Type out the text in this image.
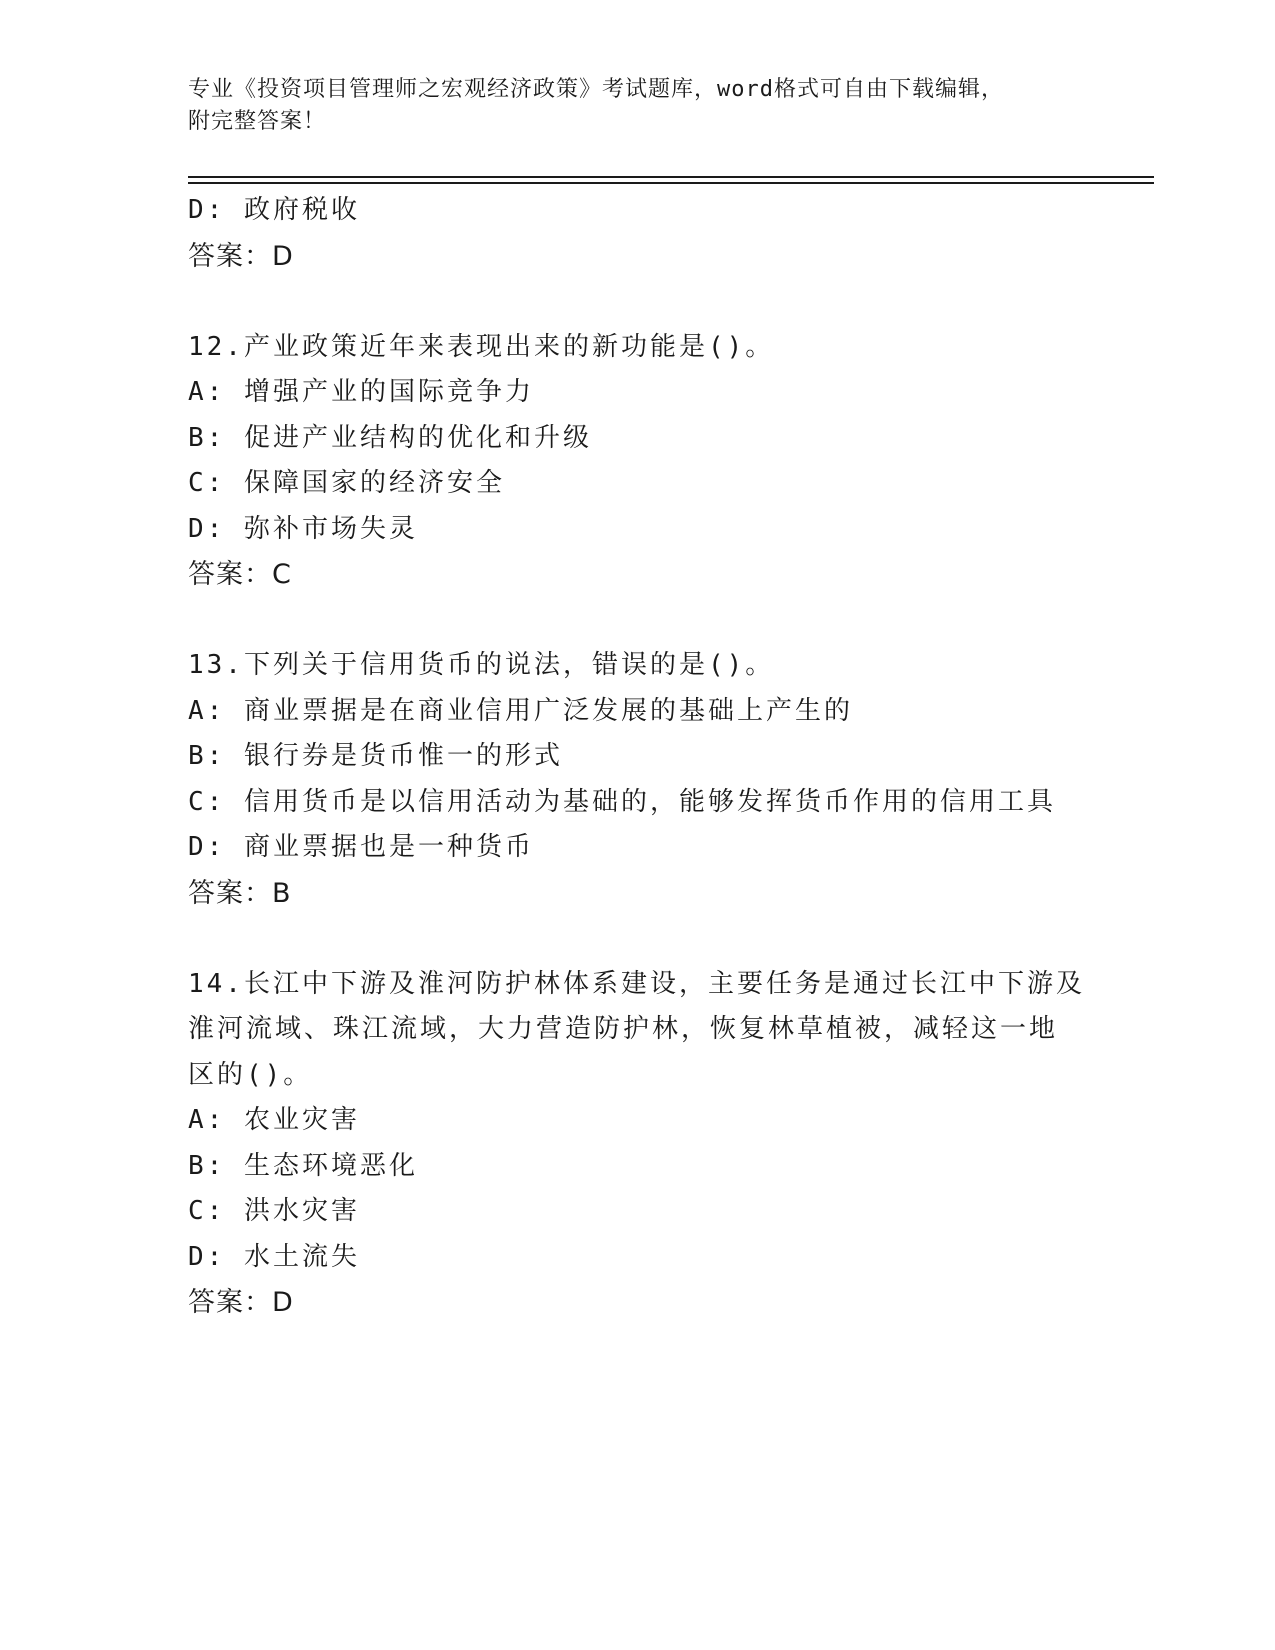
专业《投资项目管理师之宏观经济政策》考试题库，word格式可自由下载编辑，
附完整答案！
D: 政府税收
答案：D
12.产业政策近年来表现出来的新功能是()。
A: 增强产业的国际竞争力
B: 促进产业结构的优化和升级
C: 保障国家的经济安全
D: 弥补市场失灵
答案：C
13.下列关于信用货币的说法，错误的是()。
A: 商业票据是在商业信用广泛发展的基础上产生的
B: 银行券是货币惟一的形式
C: 信用货币是以信用活动为基础的，能够发挥货币作用的信用工具
D: 商业票据也是一种货币
答案：B
14.长江中下游及淮河防护林体系建设，主要任务是通过长江中下游及
淮河流域、珠江流域，大力营造防护林，恢复林草植被，减轻这一地
区的()。
A: 农业灾害
B: 生态环境恶化
C: 洪水灾害
D: 水土流失
答案：D
